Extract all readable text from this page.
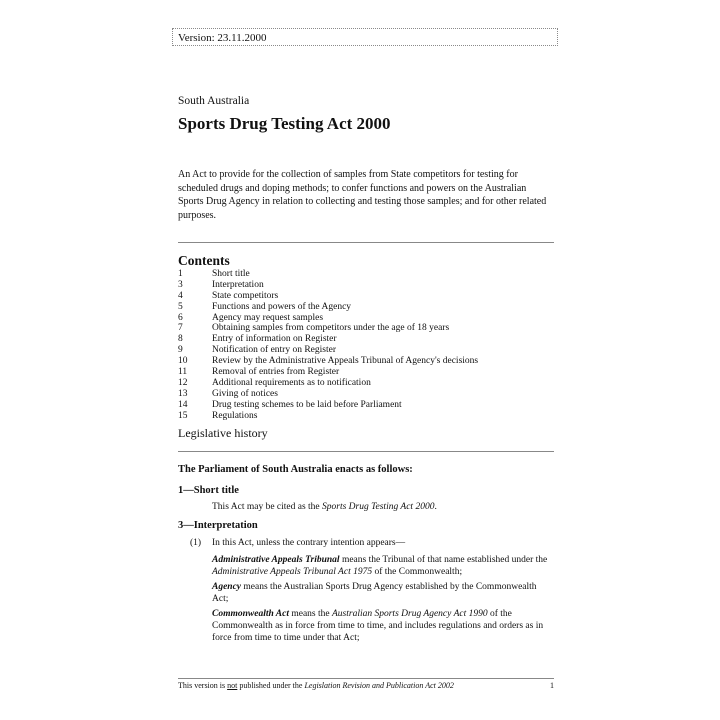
Version: 23.11.2000
South Australia
Sports Drug Testing Act 2000
An Act to provide for the collection of samples from State competitors for testing for scheduled drugs and doping methods; to confer functions and powers on the Australian Sports Drug Agency in relation to collecting and testing those samples; and for other related purposes.
Contents
1	Short title
3	Interpretation
4	State competitors
5	Functions and powers of the Agency
6	Agency may request samples
7	Obtaining samples from competitors under the age of 18 years
8	Entry of information on Register
9	Notification of entry on Register
10	Review by the Administrative Appeals Tribunal of Agency's decisions
11	Removal of entries from Register
12	Additional requirements as to notification
13	Giving of notices
14	Drug testing schemes to be laid before Parliament
15	Regulations
Legislative history
The Parliament of South Australia enacts as follows:
1—Short title
This Act may be cited as the Sports Drug Testing Act 2000.
3—Interpretation
(1) In this Act, unless the contrary intention appears—
Administrative Appeals Tribunal means the Tribunal of that name established under the Administrative Appeals Tribunal Act 1975 of the Commonwealth;
Agency means the Australian Sports Drug Agency established by the Commonwealth Act;
Commonwealth Act means the Australian Sports Drug Agency Act 1990 of the Commonwealth as in force from time to time, and includes regulations and orders as in force from time to time under that Act;
This version is not published under the Legislation Revision and Publication Act 2002	1
